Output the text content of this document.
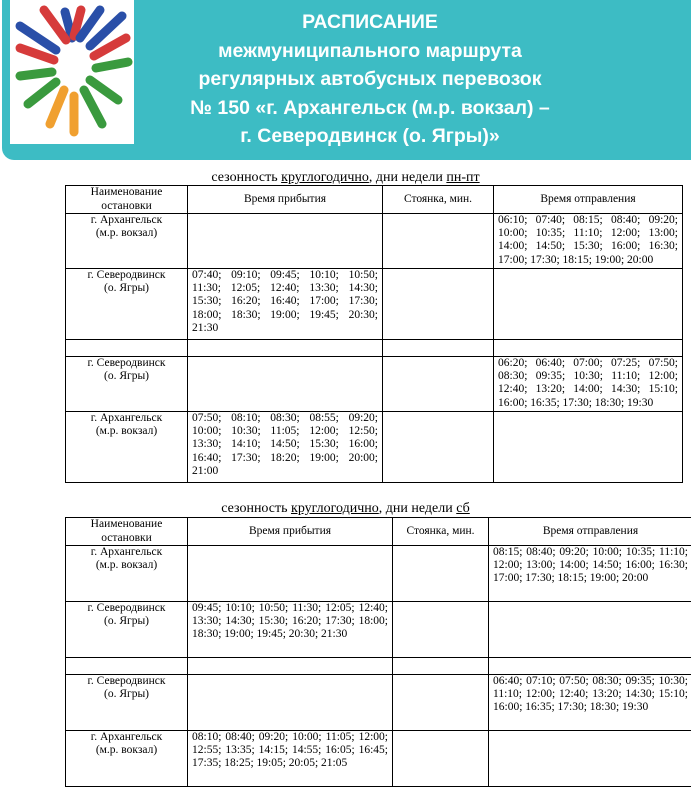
РАСПИСАНИЕ
межмуниципального маршрута
регулярных автобусных перевозок
№ 150 «г. Архангельск (м.р. вокзал) –
г. Северодвинск (о. Ягры)»
сезонность круглогодично, дни недели пн-пт
Наименование остановки	Время прибытия	Стоянка, мин.	Время отправления

г. Архангельск
(м.р. вокзал)			06:10; 07:40; 08:15; 08:40; 09:20; 10:00; 10:35; 11:10; 12:00; 13:00; 14:00; 14:50; 15:30; 16:00; 16:30; 17:00; 17:30; 18:15; 19:00; 20:00

г. Северодвинск
(о. Ягры)	07:40; 09:10; 09:45; 10:10; 10:50; 11:30; 12:05; 12:40; 13:30; 14:30; 15:30; 16:20; 16:40; 17:00; 17:30; 18:00; 18:30; 19:00; 19:45; 20:30; 21:30		

г. Северодвинск
(о. Ягры)			06:20; 06:40; 07:00; 07:25; 07:50; 08:30; 09:35; 10:30; 11:10; 12:00; 12:40; 13:20; 14:00; 14:30; 15:10; 16:00; 16:35; 17:30; 18:30; 19:30

г. Архангельск
(м.р. вокзал)	07:50; 08:10; 08:30; 08:55; 09:20; 10:00; 10:30; 11:05; 12:00; 12:50; 13:30; 14:10; 14:50; 15:30; 16:00; 16:40; 17:30; 18:20; 19:00; 20:00; 21:00		
сезонность круглогодично, дни недели сб
Наименование остановки	Время прибытия	Стоянка, мин.	Время отправления

г. Архангельск
(м.р. вокзал)			08:15; 08:40; 09:20; 10:00; 10:35; 11:10; 12:00; 13:00; 14:00; 14:50; 16:00; 16:30; 17:00; 17:30; 18:15; 19:00; 20:00

г. Северодвинск
(о. Ягры)	09:45; 10:10; 10:50; 11:30; 12:05; 12:40; 13:30; 14:30; 15:30; 16:20; 17:30; 18:00; 18:30; 19:00; 19:45; 20:30; 21:30		

г. Северодвинск
(о. Ягры)			06:40; 07:10; 07:50; 08:30; 09:35; 10:30; 11:10; 12:00; 12:40; 13:20; 14:30; 15:10; 16:00; 16:35; 17:30; 18:30; 19:30

г. Архангельск
(м.р. вокзал)	08:10; 08:40; 09:20; 10:00; 11:05; 12:00; 12:55; 13:35; 14:15; 14:55; 16:05; 16:45; 17:35; 18:25; 19:05; 20:05; 21:05		
